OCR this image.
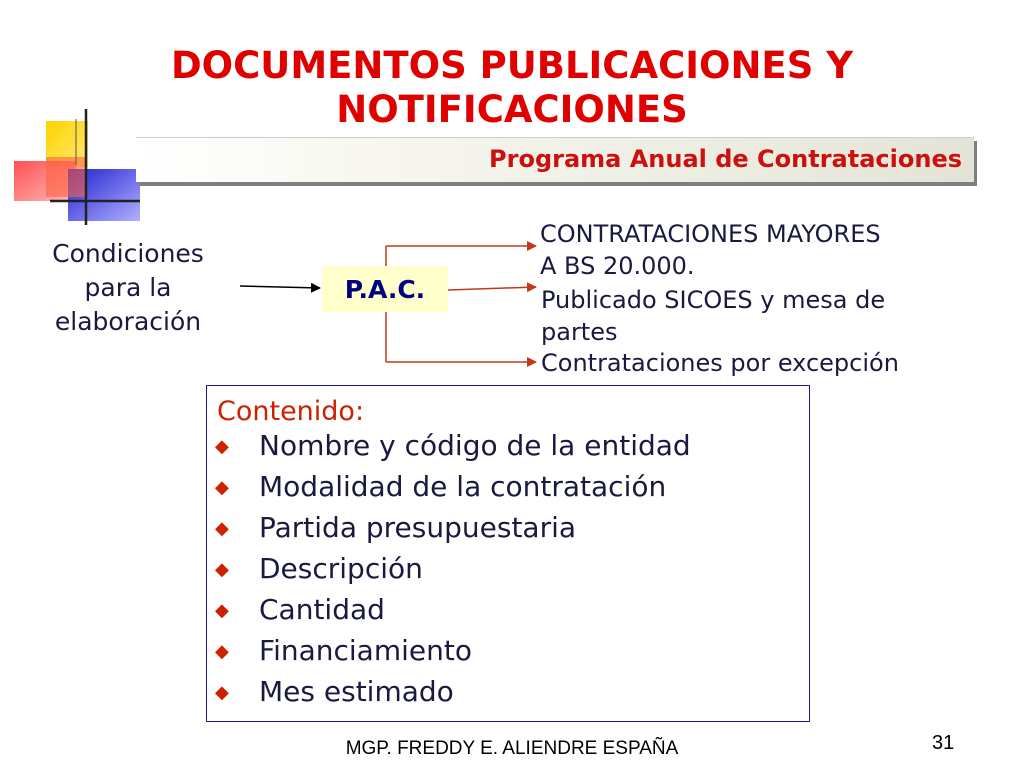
DOCUMENTOS PUBLICACIONES Y
NOTIFICACIONES
Programa Anual de Contrataciones
Condiciones
para la
elaboración
P.A.C.
CONTRATACIONES MAYORES
A BS 20.000.
Publicado SICOES y mesa de
partes
Contrataciones por excepción
Contenido:
◆ Nombre y código de la entidad
◆ Modalidad de la contratación
◆ Partida presupuestaria
◆ Descripción
◆ Cantidad
◆ Financiamiento
◆ Mes estimado
MGP. FREDDY E. ALIENDRE ESPAÑA	31
